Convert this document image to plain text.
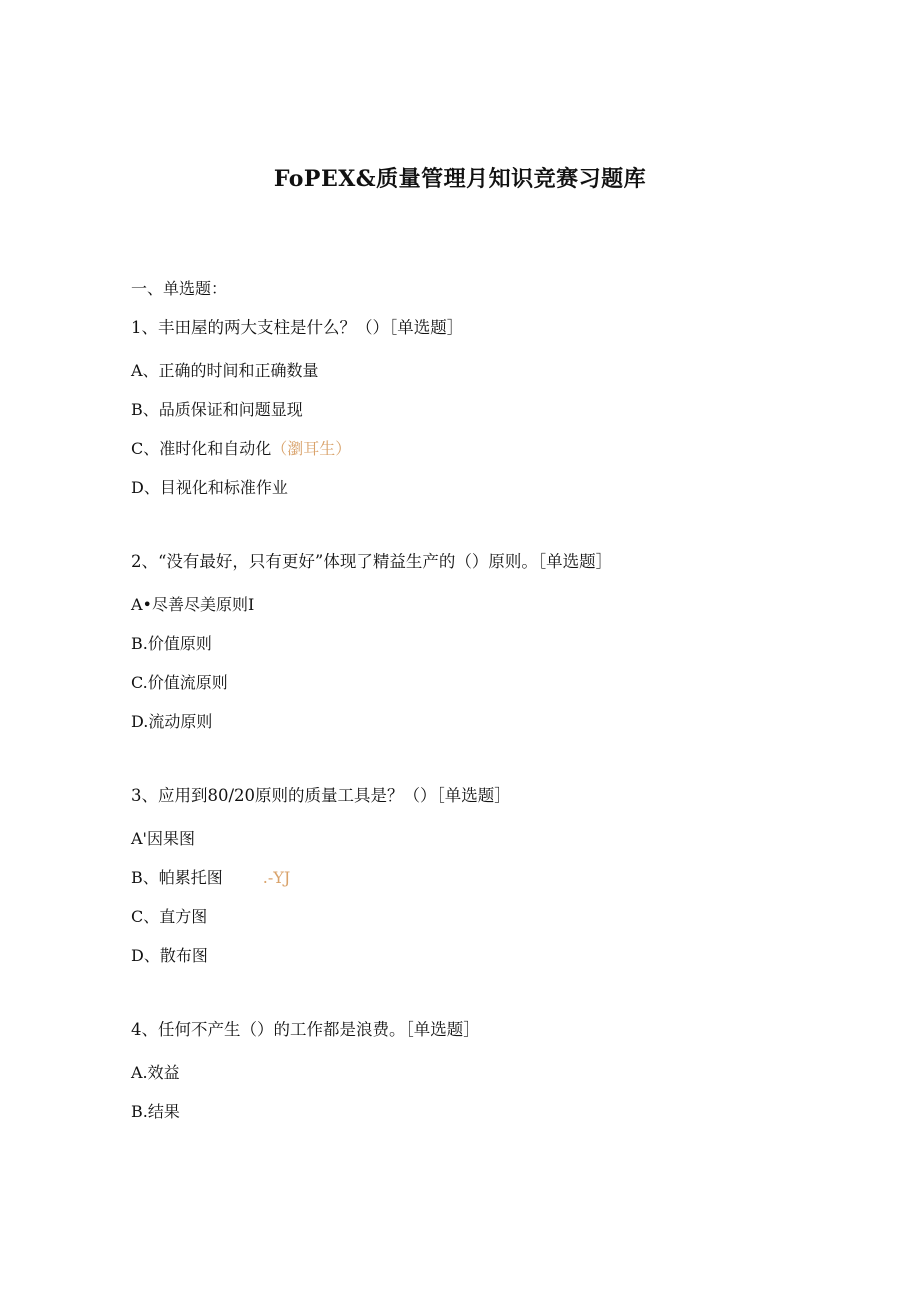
FoPEX&质量管理月知识竞赛习题库
一、单选题：
1、丰田屋的两大支柱是什么？（）［单选题］
A、正确的时间和正确数量
B、品质保证和问题显现
C、准时化和自动化（瀏耳生）
D、目视化和标准作业
2、“没有最好，只有更好”体现了精益生产的（）原则。［单选题］
A•尽善尽美原则I
B.价值原则
C.价值流原则
D.流动原则
3、应用到80/20原则的质量工具是？（）［单选题］
A'因果图
B、帕累托图	.-YJ
C、直方图
D、散布图
4、任何不产生（）的工作都是浪费。［单选题］
A.效益
B.结果
